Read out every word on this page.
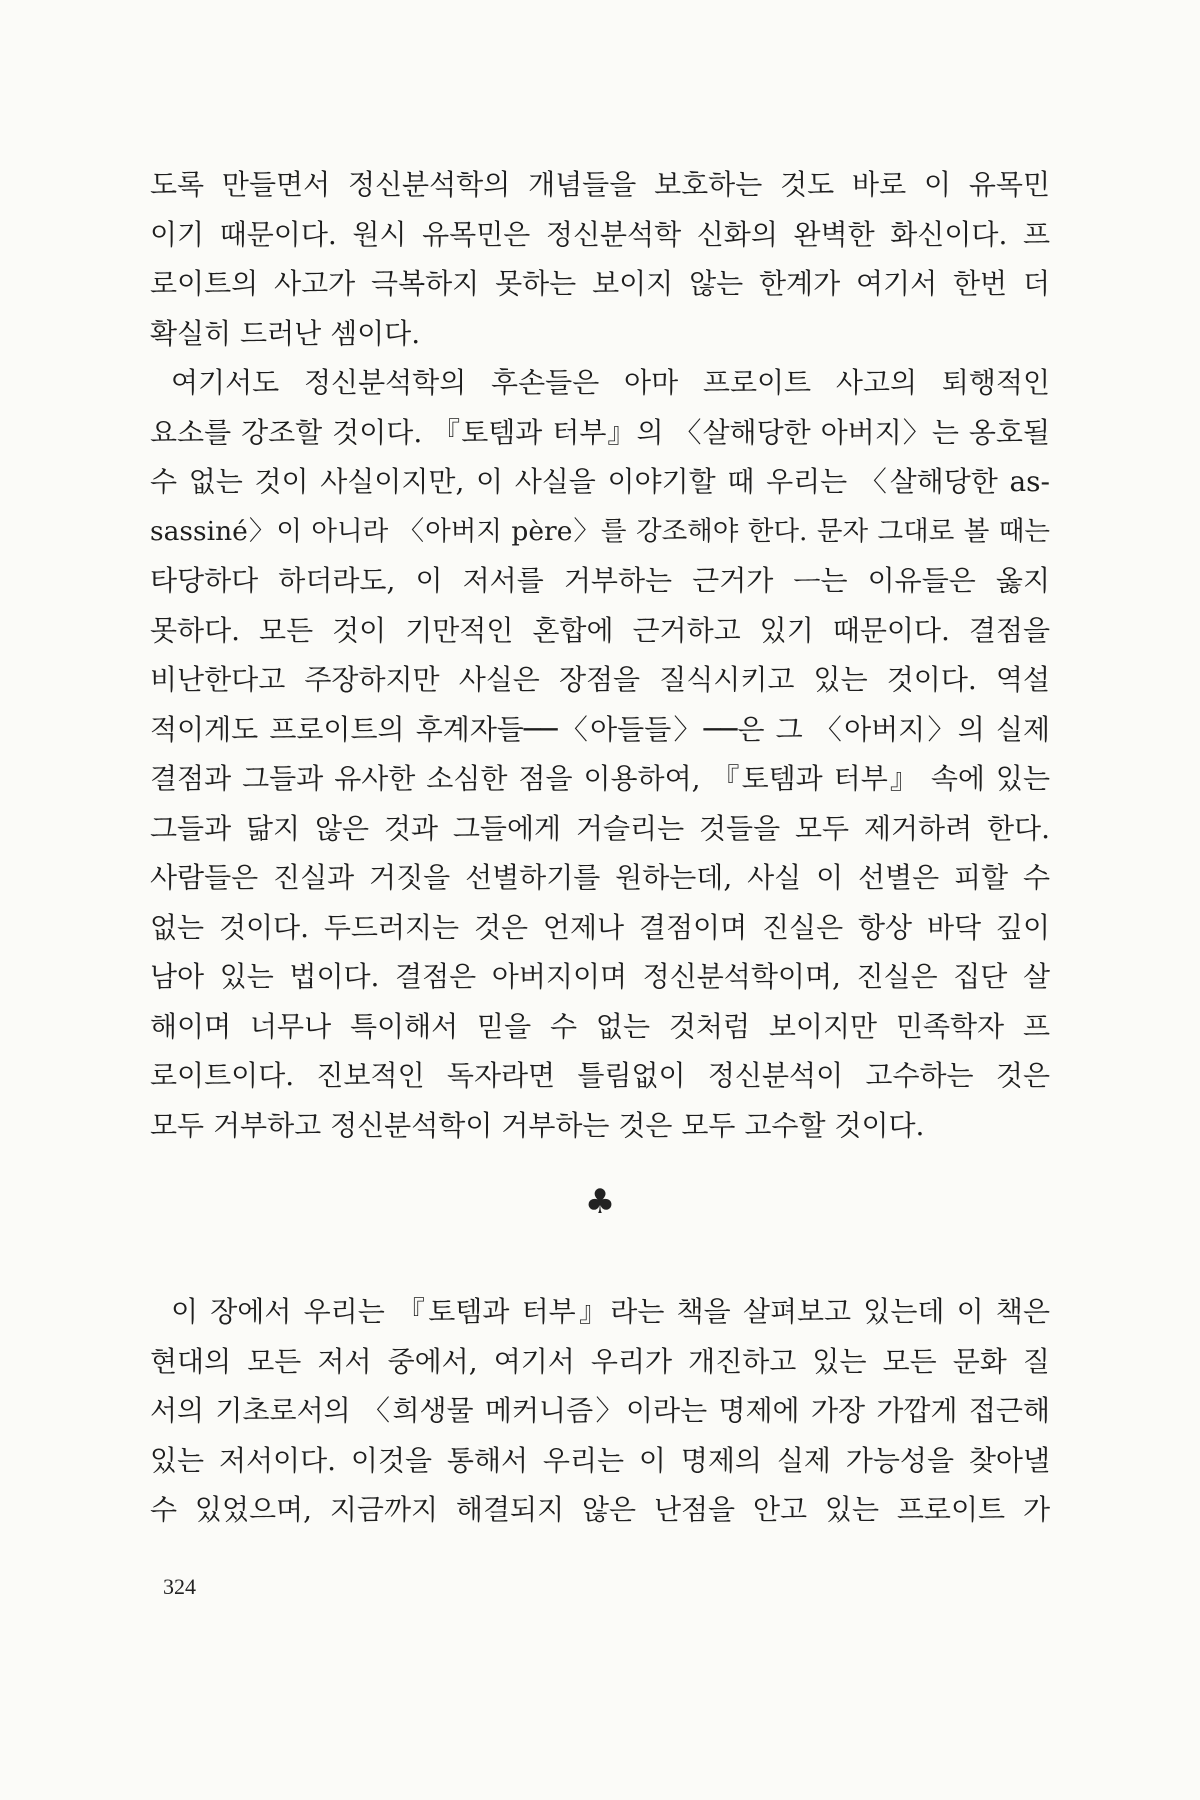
도록 만들면서 정신분석학의 개념들을 보호하는 것도 바로 이 유목민
이기 때문이다. 원시 유목민은 정신분석학 신화의 완벽한 화신이다. 프
로이트의 사고가 극복하지 못하는 보이지 않는 한계가 여기서 한번 더
확실히 드러난 셈이다.
여기서도 정신분석학의 후손들은 아마 프로이트 사고의 퇴행적인
요소를 강조할 것이다. 『토템과 터부』의 〈살해당한 아버지〉는 옹호될
수 없는 것이 사실이지만, 이 사실을 이야기할 때 우리는 〈살해당한 as-
sassiné〉이 아니라 〈아버지 père〉를 강조해야 한다. 문자 그대로 볼 때는
타당하다 하더라도, 이 저서를 거부하는 근거가 ᅳ는 이유들은 옳지
못하다. 모든 것이 기만적인 혼합에 근거하고 있기 때문이다. 결점을
비난한다고 주장하지만 사실은 장점을 질식시키고 있는 것이다. 역설
적이게도 프로이트의 후계자들──〈아들들〉──은 그 〈아버지〉의 실제
결점과 그들과 유사한 소심한 점을 이용하여, 『토템과 터부』 속에 있는
그들과 닮지 않은 것과 그들에게 거슬리는 것들을 모두 제거하려 한다.
사람들은 진실과 거짓을 선별하기를 원하는데, 사실 이 선별은 피할 수
없는 것이다. 두드러지는 것은 언제나 결점이며 진실은 항상 바닥 깊이
남아 있는 법이다. 결점은 아버지이며 정신분석학이며, 진실은 집단 살
해이며 너무나 특이해서 믿을 수 없는 것처럼 보이지만 민족학자 프
로이트이다. 진보적인 독자라면 틀림없이 정신분석이 고수하는 것은
모두 거부하고 정신분석학이 거부하는 것은 모두 고수할 것이다.
♣
이 장에서 우리는 『토템과 터부』라는 책을 살펴보고 있는데 이 책은
현대의 모든 저서 중에서, 여기서 우리가 개진하고 있는 모든 문화 질
서의 기초로서의 〈희생물 메커니즘〉이라는 명제에 가장 가깝게 접근해
있는 저서이다. 이것을 통해서 우리는 이 명제의 실제 가능성을 찾아낼
수 있었으며, 지금까지 해결되지 않은 난점을 안고 있는 프로이트 가
324
